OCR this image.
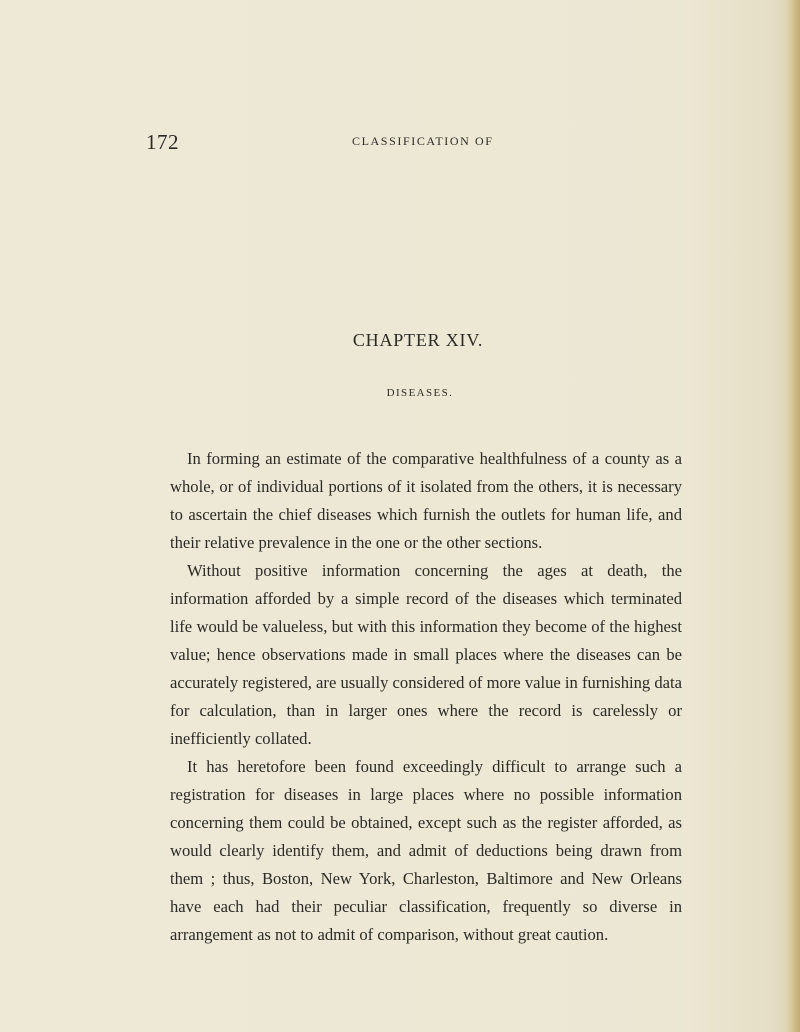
172	CLASSIFICATION OF
CHAPTER XIV.
DISEASES.

In forming an estimate of the comparative healthfulness of a county as a whole, or of individual portions of it isolated from the others, it is necessary to ascertain the chief diseases which furnish the outlets for human life, and their relative prevalence in the one or the other sections.

Without positive information concerning the ages at death, the information afforded by a simple record of the diseases which terminated life would be valueless, but with this information they become of the highest value; hence observations made in small places where the diseases can be accurately registered, are usually considered of more value in furnishing data for calculation, than in larger ones where the record is carelessly or inefficiently collated.

It has heretofore been found exceedingly difficult to arrange such a registration for diseases in large places where no possible information concerning them could be obtained, except such as the register afforded, as would clearly identify them, and admit of deductions being drawn from them ; thus, Boston, New York, Charleston, Baltimore and New Orleans have each had their peculiar classification, frequently so diverse in arrangement as not to admit of comparison, without great caution.
